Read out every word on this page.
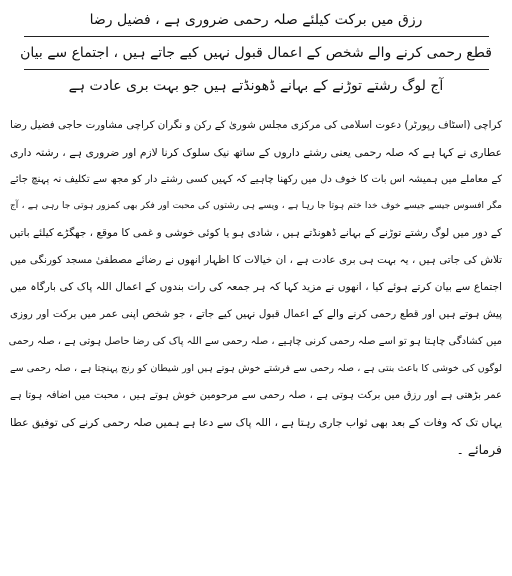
رزق میں برکت کیلئے صلہ رحمی ضروری ہے ، فضیل رضا

قطع رحمی کرنے والے شخص کے اعمال قبول نہیں کیے جاتے ہیں ، اجتماع سے بیان

آج لوگ رشتے توڑنے کے بہانے ڈھونڈتے ہیں جو بہت بری عادت ہے

کراچی (اسٹاف رپورٹر) دعوت اسلامی کی مرکزی مجلس شوریٰ کے رکن و نگران کراچی مشاورت حاجی فضیل رضا

عطاری نے کہا ہے کہ صلہ رحمی یعنی رشتے داروں کے ساتھ نیک سلوک کرنا لازم اور ضروری ہے ، رشتہ داری

کے معاملے میں ہمیشہ اس بات کا خوف دل میں رکھنا چاہیے کہ کہیں کسی رشتے دار کو مجھ سے تکلیف نہ پہنچ جائے

مگر افسوس جیسے جیسے خوف خدا ختم ہوتا جا رہا ہے ، ویسے ہی رشتوں کی محبت اور فکر بھی کمزور ہوتی جا رہی ہے ، آج

کے دور میں لوگ رشتے توڑنے کے بہانے ڈھونڈتے ہیں ، شادی ہو یا کوئی خوشی و غمی کا موقع ، جھگڑے کیلئے باتیں

تلاش کی جاتی ہیں ، یہ بہت ہی بری عادت ہے ، ان خیالات کا اظہار انھوں نے رضائے مصطفیٰ مسجد کورنگی میں

اجتماع سے بیان کرتے ہوئے کیا ، انھوں نے مزید کہا کہ ہر جمعہ کی رات بندوں کے اعمال اللہ پاک کی بارگاہ میں

پیش ہوتے ہیں اور قطع رحمی کرنے والے کے اعمال قبول نہیں کیے جاتے ، جو شخص اپنی عمر میں برکت اور روزی

میں کشادگی چاہتا ہو تو اسے صلہ رحمی کرنی چاہیے ، صلہ رحمی سے اللہ پاک کی رضا حاصل ہوتی ہے ، صلہ رحمی

لوگوں کی خوشی کا باعث بنتی ہے ، صلہ رحمی سے فرشتے خوش ہوتے ہیں اور شیطان کو رنج پہنچتا ہے ، صلہ رحمی سے

عمر بڑھتی ہے اور رزق میں برکت ہوتی ہے ، صلہ رحمی سے مرحومین خوش ہوتے ہیں ، محبت میں اضافہ ہوتا ہے

یہاں تک کہ وفات کے بعد بھی ثواب جاری رہتا ہے ، اللہ پاک سے دعا ہے ہمیں صلہ رحمی کرنے کی توفیق عطا

فرمائے ۔
